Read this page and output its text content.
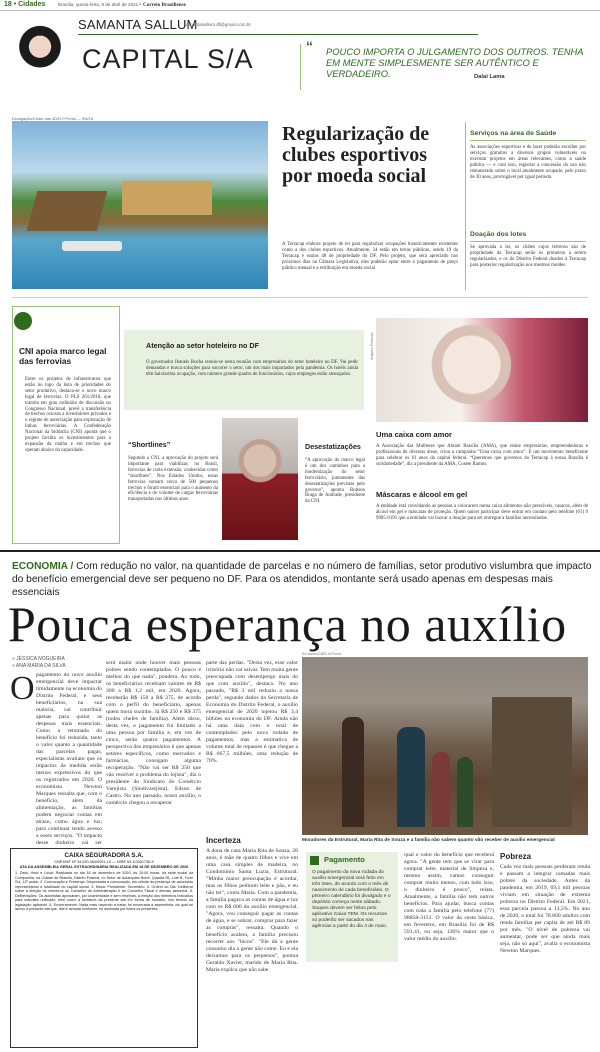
18 • Cidades	Brasília, quinta-feira, 8 de abril de 2021 • Correio Braziliense
SAMANTA SALLUM
samantasallum.df@gmail.com.br
CAPITAL S/A	“ POUCO IMPORTA O JULGAMENTO DOS OUTROS. TENHA EM MENTE SIMPLESMENTE SER AUTÊNTICO E VERDADEIRO.	Dalai Lama
Divulgação/Clube das 3D/D.P.Press — 9/8/16
Regularização de clubes esportivos por moeda social
A Terracap elabora projeto de lei para regularizar ocupações historicamente existentes como a dos clubes esportivos. Atualmente, 34 estão em terras públicas, sendo 19 da Terracap e outras 48 de propriedade do DF. Pelo projeto, que será apreciado nos próximos dias na Câmara Legislativa, eles poderão optar entre o pagamento de preço público mensal e a retribuição em moeda social
Serviços na área de Saúde
As associações esportivas e de lazer poderão escolher por serviços gratuitos a diversos grupos vulneráveis ou executar projetos em áreas relevantes, como a saúde pública — e com isso, registrar a concessão do uso não remunerado sobre o local atualmente ocupado, pelo prazo de 30 anos, prorrogável por igual período.
Doação dos lotes
Se aprovada a lei, os clubes cujos terrenos são de propriedade da Terracap serão os primeiros a serem regularizados, e os do Distrito Federal doados à Terracap para posterior regularização nos mesmos moldes.
CNI apoia marco legal das ferrovias
Entre os projetos de infraestrutura que estão no topo da lista de prioridades do setor produtivo, destaca-se o novo marco legal de ferrovias. O PLS 261/2018, que tramita em grau ordinário de discussão no Congresso Nacional, prevê a transferência de trechos ociosos a investidores privados e o regime de autorização para exploração de linhas ferroviárias. A Confederação Nacional da Indústria (CNI) aponta que o projeto facilita os investimentos para a expansão da malha e em trechos que operam abaixo da capacidade.
Atenção ao setor hoteleiro no DF
O governador Ibaneis Rocha reuniu-se nesta reunião com empresários do setor hoteleiro no DF. Vai pedir demandas e busca soluções para socorrer o setor, um dos mais impactados pela pandemia. Os hotéis ainda têm baixíssima ocupação, com número grande quadro de funcionários, cujos empregos estão ameaçados.
“Shortlines”
Segundo a CNI, a aprovação do projeto será importante para viabilizar, no Brasil, ferrovias de curta extensão, conhecidas como “shortlines”. Nos Estados Unidos, essas ferrovias somam cerca de 500 pequenos trechos e foram essenciais para o aumento da eficiência e do volume de cargas ferroviárias transportadas nos últimos anos.
Desestatizações
“A aprovação do marco legal é um dos caminhos para a modernização do setor ferroviário, juntamente das desestatizações previstas pelo governo”, aponta Robson Braga de Andrade, presidente da CNI.
Arquivo Pessoal
Uma caixa com amor
A Associação das Mulheres que Amam Brasília (AMA), que reúne empresárias, empreendedoras e profissionais de diversas áreas, criou a campanha “Uma caixa com amor”. É um movimento beneficente para celebrar os 61 anos da capital federal. “Queremos que governos da Terracap à nossa Brasília é solidariedade”, diz a presidente da AMA, Cosete Ramos.
Máscaras e álcool em gel
A entidade está convidando as pessoas a colocarem numa caixa alimentos não perecíveis, casacos, além de álcool em gel e máscaras de proteção. Quem quiser participar deve entrar em contato pelo telefone (61) 9 9905-9191 que a entidade vai buscar a doação para ser entregue a famílias necessitadas.
ECONOMIA / Com redução no valor, na quantidade de parcelas e no número de famílias, setor produtivo vislumbra que impacto do benefício emergencial deve ser pequeno no DF. Para os atendidos, montante será usado apenas em despesas mais essenciais
Pouca esperança no auxílio
» JÉSSICA NOGUEIRA
» ANA MARIA DA SILVA
O pagamento do novo auxílio emergencial deve impactar timidamente na economia do Distrito Federal, e seus beneficiários, na sua maioria, vai contribuir apenas para quitar as despesas mais essenciais. Como a retomada do benefício foi reduzida, tanto o valor quanto a quantidade das parcelas pagas, especialistas avaliam que os impactos da medida serão menos expressivos do que os registrados em 2020. O economista Newton Marques ressalta que, com o benefício, além da alimentação, as famílias podem negociar contas em atraso, como água e luz, para continuar tendo acesso a esses serviços. "O impacto desse dinheiro vai ser
será maior onde houver mais pessoas pobres sendo contempladas. O pouco é melhor do que nada", pondera. Ao todo, os beneficiários recebiam valores de R$ 300 a R$ 1,2 mil, em 2020. Agora, receberão R$ 150 a R$ 375, de acordo com o perfil do beneficiário, apenas quem mora sozinho. Já R$ 250 e R$ 375 (todos chefes de família). Além disso, desta vez, o pagamento foi limitado a uma pessoa por família e, em vez de cinco, serão quatro pagamentos. A perspectiva dos empresários é que apenas setores específicos, como mercados e farmácias, consigam alguma recuperação. "Não vai ser R$ 250 que vão resolver o problema do lojista", diz o presidente do Sindicato do Comércio Varejista (Sindivarejista), Edson de Castro. No ano passado, nosso auxílio, o comércio chegou a recuperar
parte das perdas. "Desta vez, esse valor irrisório não vai salvar. Tem muita gente preocupada com desemprego mais do que com auxílio", destaca. No ano passado, "R$ 3 mil reduziu a nossa perda", segundo dados da Secretaria de Economia do Distrito Federal, o auxílio emergencial de 2020 injetou R$ 3,4 bilhões na economia do DF. Ainda não há uma data com o total de contemplados pelo nova rodada de pagamentos, mas a estimativa de volume total de repasses é que chegue a R$ 667,5 milhões, uma redução de 70%.
Incerteza
A dona de casa Maria Rita de Souza, 28 anos, é mãe de quatro filhos e vive em uma casa simples de madeira, no Condomínio Santa Luzia, Estrutural. "Minha maior preocupação é acordar, mas os filhos pedirem leite e pão, e eu não ter", conta Maria. Com a pandemia, a família pagava as contas de água e luz com os R$ 600 do auxílio emergencial. "Agora, vou conseguir pagar as contas de água, e se sobrar, comprar para fazer as compras", ressalta. Quando o benefício acabou, a família precisou recorrer aos "bicos". "Ele dá a gente consumo dia a gente não come. Eu e ela deixamos para os pequenos", pontua Geraldo Xavier, marido de Maria Rita. Maria explica que não sabe
CAIXA SEGURADORA S.A.
CNPJ/MF Nº 34.020.354/0001-10 — NIRE 53.3.0001736-5
ATA DA ASSEMBLEIA GERAL EXTRAORDINÁRIA REALIZADA EM 18 DE DEZEMBRO DE 2020
1. Data, Hora e Local: Realizada no dia 18 de dezembro de 2020, às 10:00 horas, na sede social da Companhia, na Cidade de Brasília, Distrito Federal, no Setor de Autarquias Norte, Quadra 05, Lote B, Torre Sul, 12º andar. 2. Convocação e Presença: Dispensada a convocação, em virtude da presença de acionistas representando a totalidade do capital social. 3. Mesa: Presidente; Secretário. 4. Ordem do Dia: Deliberar sobre a eleição de membros do Conselho de Administração e do Conselho Fiscal e demais assuntos. 5. Deliberações: Os acionistas aprovaram, por unanimidade e sem reservas, a eleição dos membros indicados para mandato unificado, bem como a lavratura da presente ata em forma de sumário, nos termos da legislação aplicável. 6. Encerramento: Nada mais havendo a tratar, foi encerrada a assembleia, da qual se lavrou a presente ata que, lida e achada conforme, foi assinada por todos os presentes.
Ed Alves/CB/D.A Press
Moradores da Estrutural, Maria Rita de Souza e a família não sabem quanto vão receber de auxílio emergencial
Pagamento
O pagamento da nova rodada do auxílio emergencial será feito em três lotes, de acordo com o mês de nascimento de cada beneficiário. O primeiro calendário foi divulgado e o depósito começa neste sábado. Saques devem ser feitos pelo aplicativo Caixa TEM. Os recursos só poderão ser sacados nas agências a partir do dia 4 de maio.
qual o valor do benefício que receberá agora. "A gente tem que se virar para comprar leite, material de limpeza e, mesmo assim, vamos conseguir comprar muito menos, com tudo isso, o dinheiro é pouco", relata. Atualmente, a família não tem outros benefícios. Para ajudar, busca contas com toda a família pelo telefone (77) 98858-3151. O valor da cesta básica, em fevereiro, em Brasília foi de R$ 591,41, ou seja, 136% maior que o valor médio do auxílio.
Pobreza
Cada vez mais pessoas perderam renda e passam a integrar camadas mais pobres da sociedade. Antes da pandemia, em 2019, 69,1 mil pessoas viviam em situação de extrema pobreza no Distrito Federal. Em 2021, essa parcela passou a 13,5%. No ano de 2020, o total foi 78.800 adultos com renda familiar per capita de até R$ 89 por mês. "O nível de pobreza vai aumentar, pode ser que ainda mais seja, não só aqui", avalia o economista Newton Marques.
